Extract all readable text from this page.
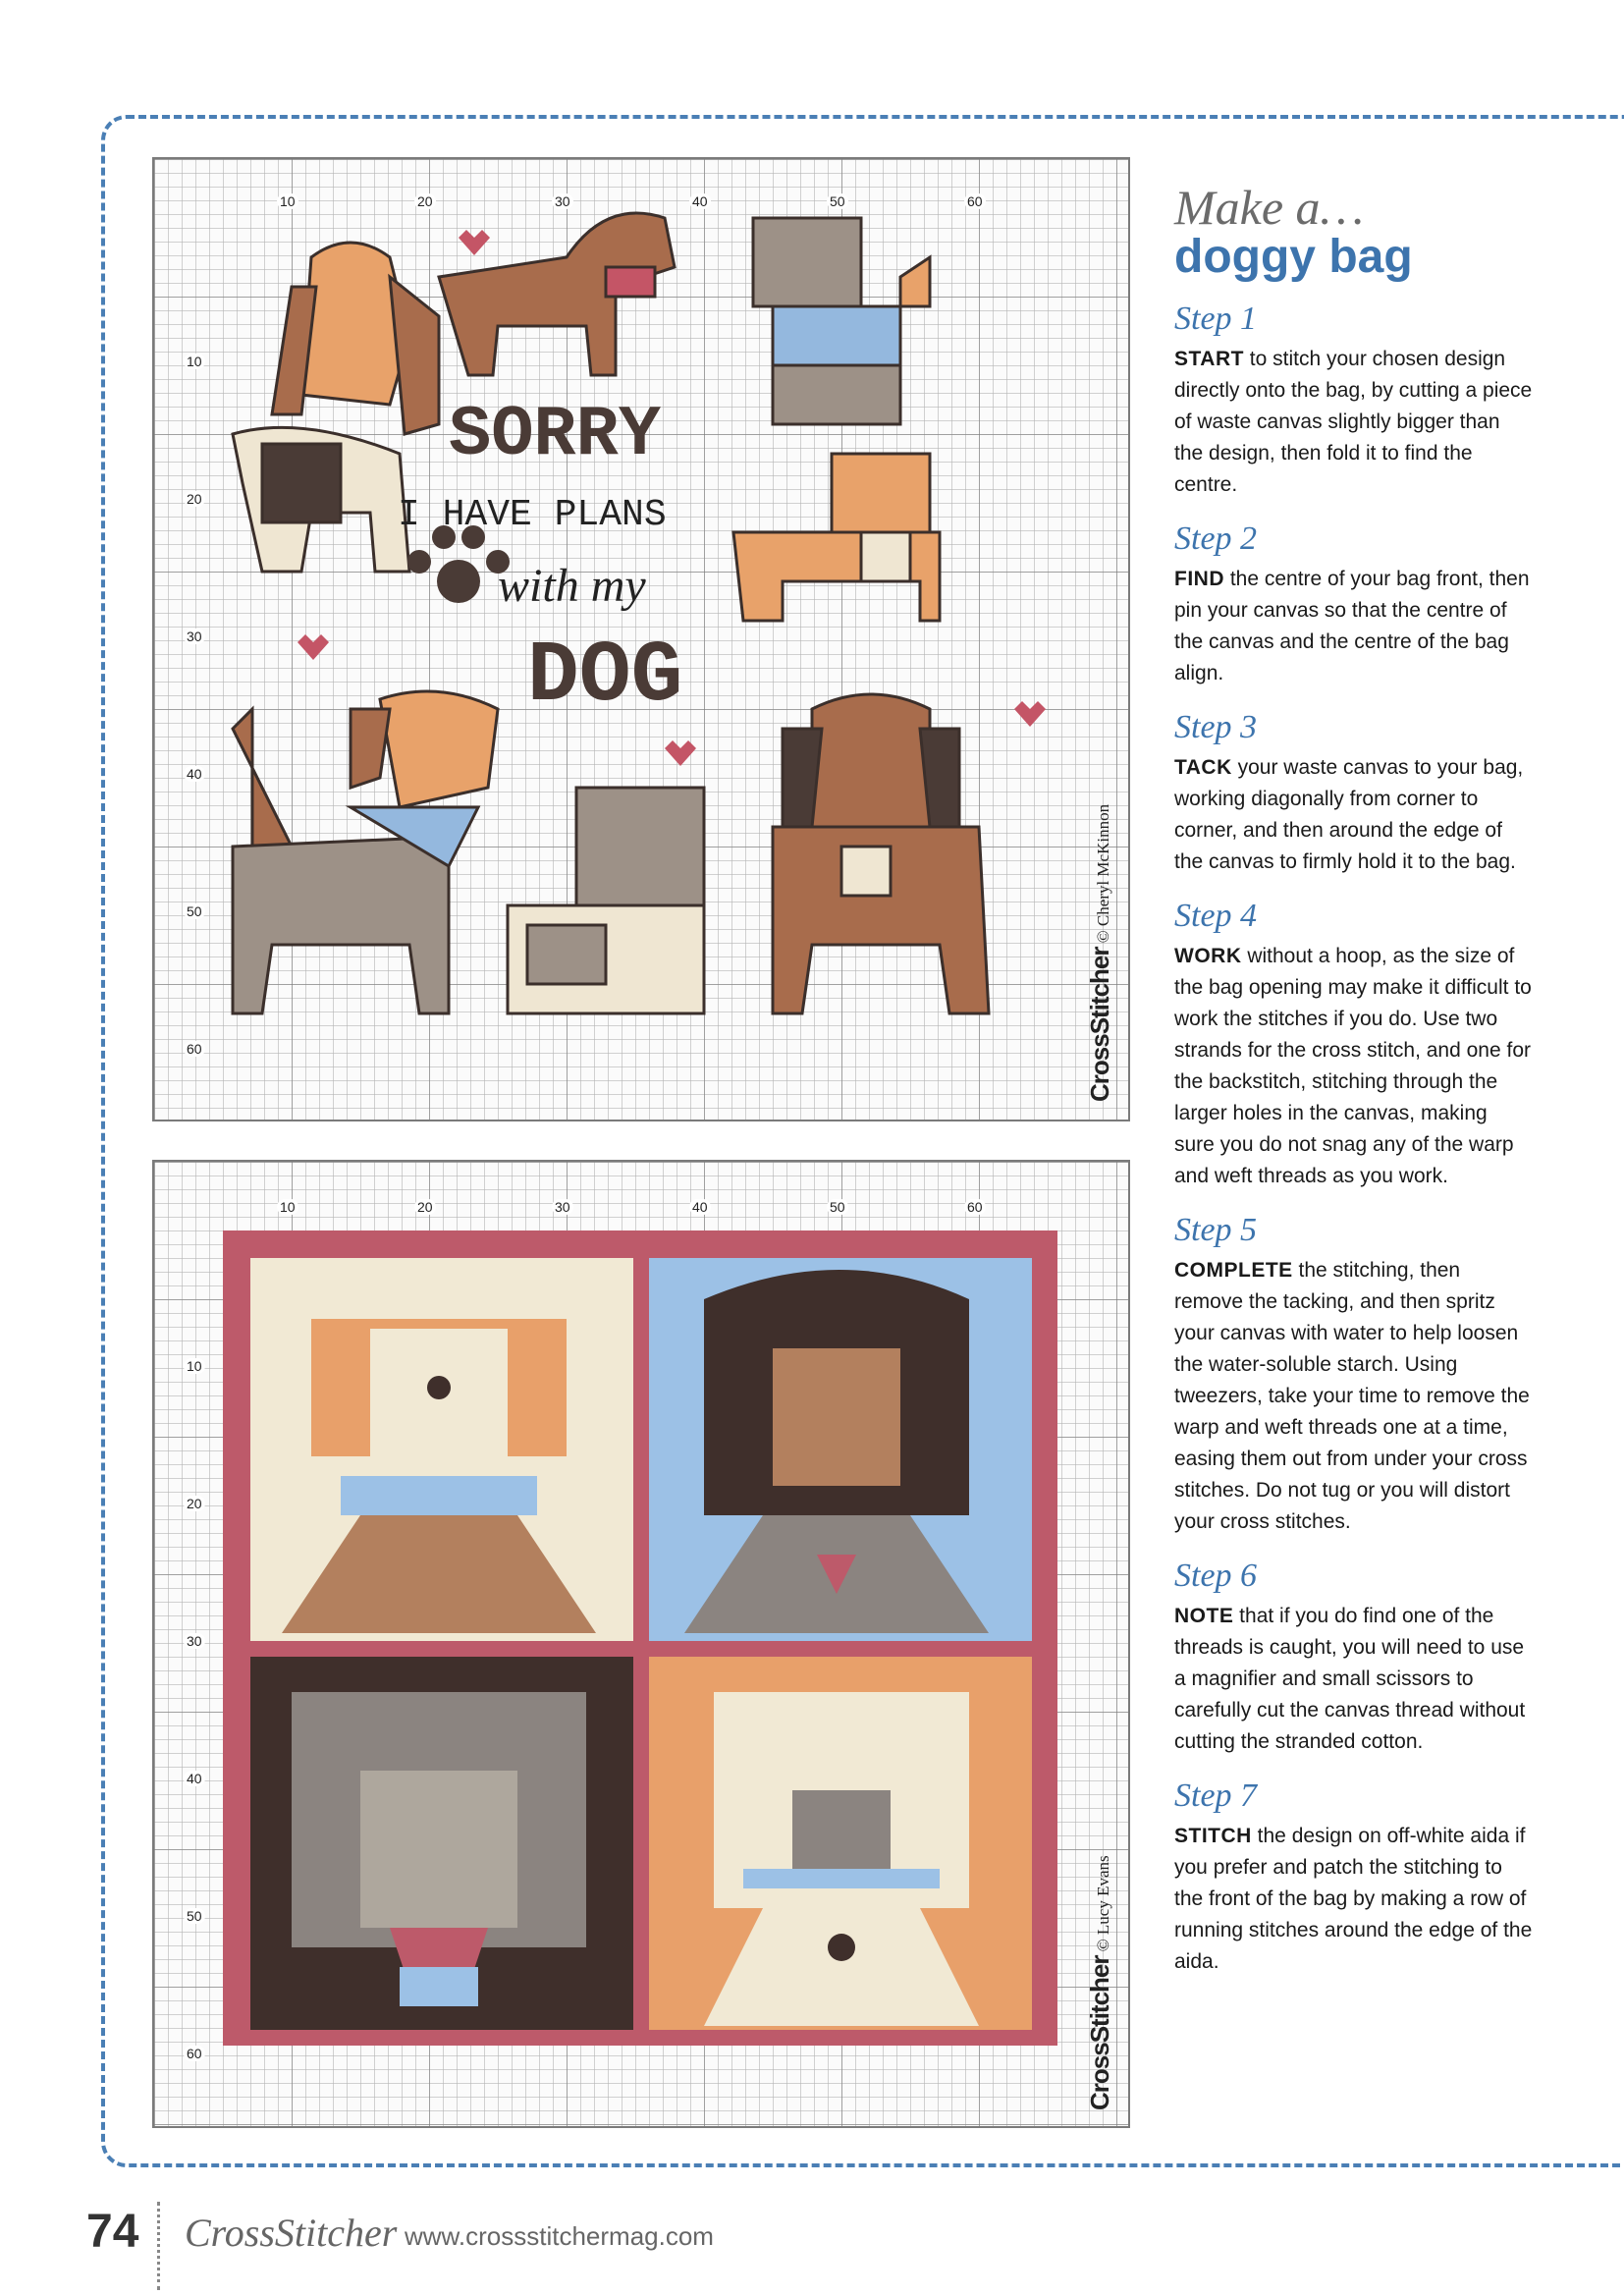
SORRY
I HAVE PLANS
with my
DOG
10	20	30	40	50	60
10
20
30
40
50
60	CrossStitcher © Cheryl McKinnon
10	20	30	40	50	60
10
20
30
40
50
60	CrossStitcher © Lucy Evans
Make a…
doggy bag
Step 1

START to stitch your chosen design directly onto the bag, by cutting a piece of waste canvas slightly bigger than the design, then fold it to find the centre.

Step 2

FIND the centre of your bag front, then pin your canvas so that the centre of the canvas and the centre of the bag align.

Step 3

TACK your waste canvas to your bag, working diagonally from corner to corner, and then around the edge of the canvas to firmly hold it to the bag.

Step 4

WORK without a hoop, as the size of the bag opening may make it difficult to work the stitches if you do. Use two strands for the cross stitch, and one for the backstitch, stitching through the larger holes in the canvas, making sure you do not snag any of the warp and weft threads as you work.

Step 5

COMPLETE the stitching, then remove the tacking, and then spritz your canvas with water to help loosen the water-soluble starch. Using tweezers, take your time to remove the warp and weft threads one at a time, easing them out from under your cross stitches. Do not tug or you will distort your cross stitches.

Step 6

NOTE that if you do find one of the threads is caught, you will need to use a magnifier and small scissors to carefully cut the canvas thread without cutting the stranded cotton.

Step 7

STITCH the design on off-white aida if you prefer and patch the stitching to the front of the bag by making a row of running stitches around the edge of the aida.

74 CrossStitcher www.crossstitchermag.com
